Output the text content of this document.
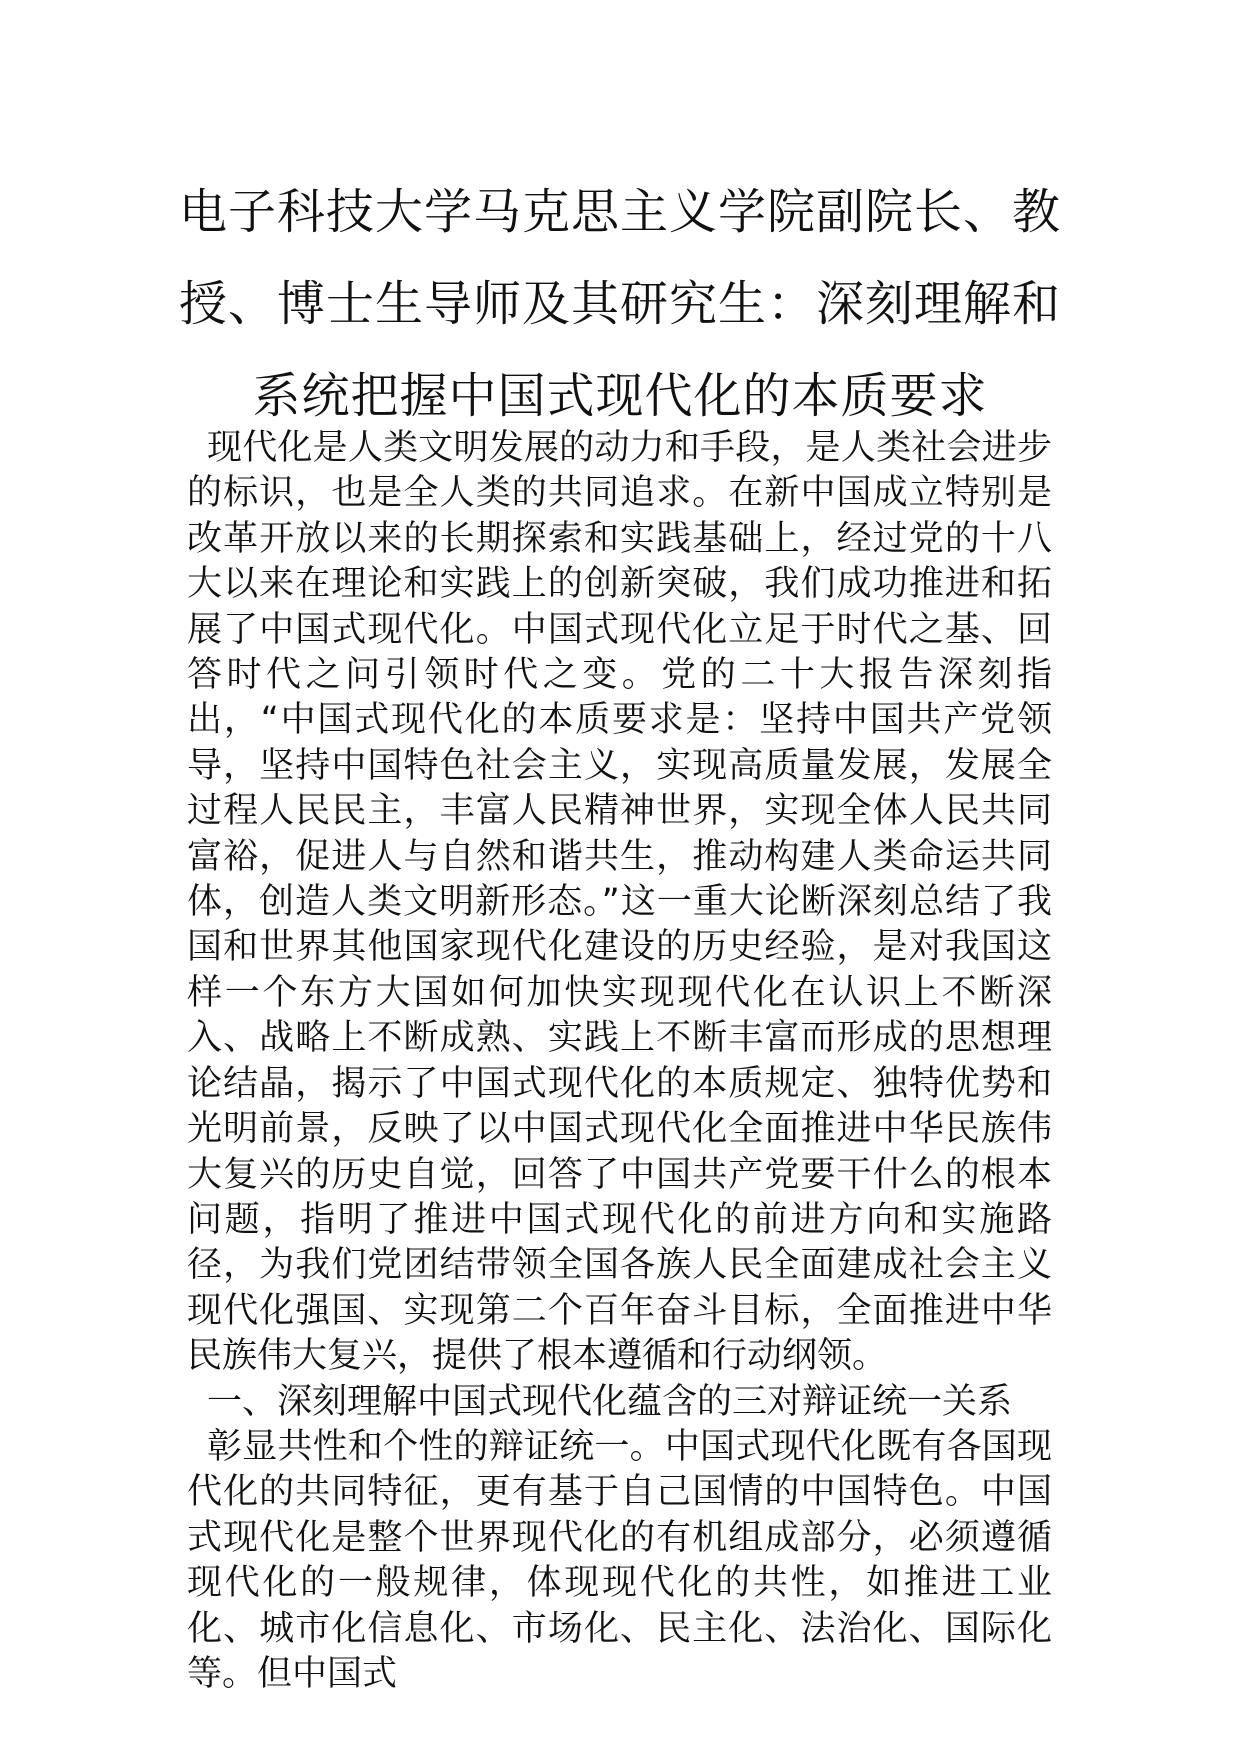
电子科技大学马克思主义学院副院长、教
授、博士生导师及其研究生：深刻理解和
系统把握中国式现代化的本质要求

现代化是人类文明发展的动力和手段，是人类社会进步的标识，也是全人类的共同追求。在新中国成立特别是改革开放以来的长期探索和实践基础上，经过党的十八大以来在理论和实践上的创新突破，我们成功推进和拓展了中国式现代化。中国式现代化立足于时代之基、回答时代之问引领时代之变。党的二十大报告深刻指出，“中国式现代化的本质要求是：坚持中国共产党领导，坚持中国特色社会主义，实现高质量发展，发展全过程人民民主，丰富人民精神世界，实现全体人民共同富裕，促进人与自然和谐共生，推动构建人类命运共同体，创造人类文明新形态。”这一重大论断深刻总结了我国和世界其他国家现代化建设的历史经验，是对我国这样一个东方大国如何加快实现现代化在认识上不断深入、战略上不断成熟、实践上不断丰富而形成的思想理论结晶，揭示了中国式现代化的本质规定、独特优势和光明前景，反映了以中国式现代化全面推进中华民族伟大复兴的历史自觉，回答了中国共产党要干什么的根本问题，指明了推进中国式现代化的前进方向和实施路径，为我们党团结带领全国各族人民全面建成社会主义现代化强国、实现第二个百年奋斗目标，全面推进中华民族伟大复兴，提供了根本遵循和行动纲领。

一、深刻理解中国式现代化蕴含的三对辩证统一关系

彰显共性和个性的辩证统一。中国式现代化既有各国现代化的共同特征，更有基于自己国情的中国特色。中国式现代化是整个世界现代化的有机组成部分，必须遵循现代化的一般规律，体现现代化的共性，如推进工业化、城市化信息化、市场化、民主化、法治化、国际化等。但中国式
